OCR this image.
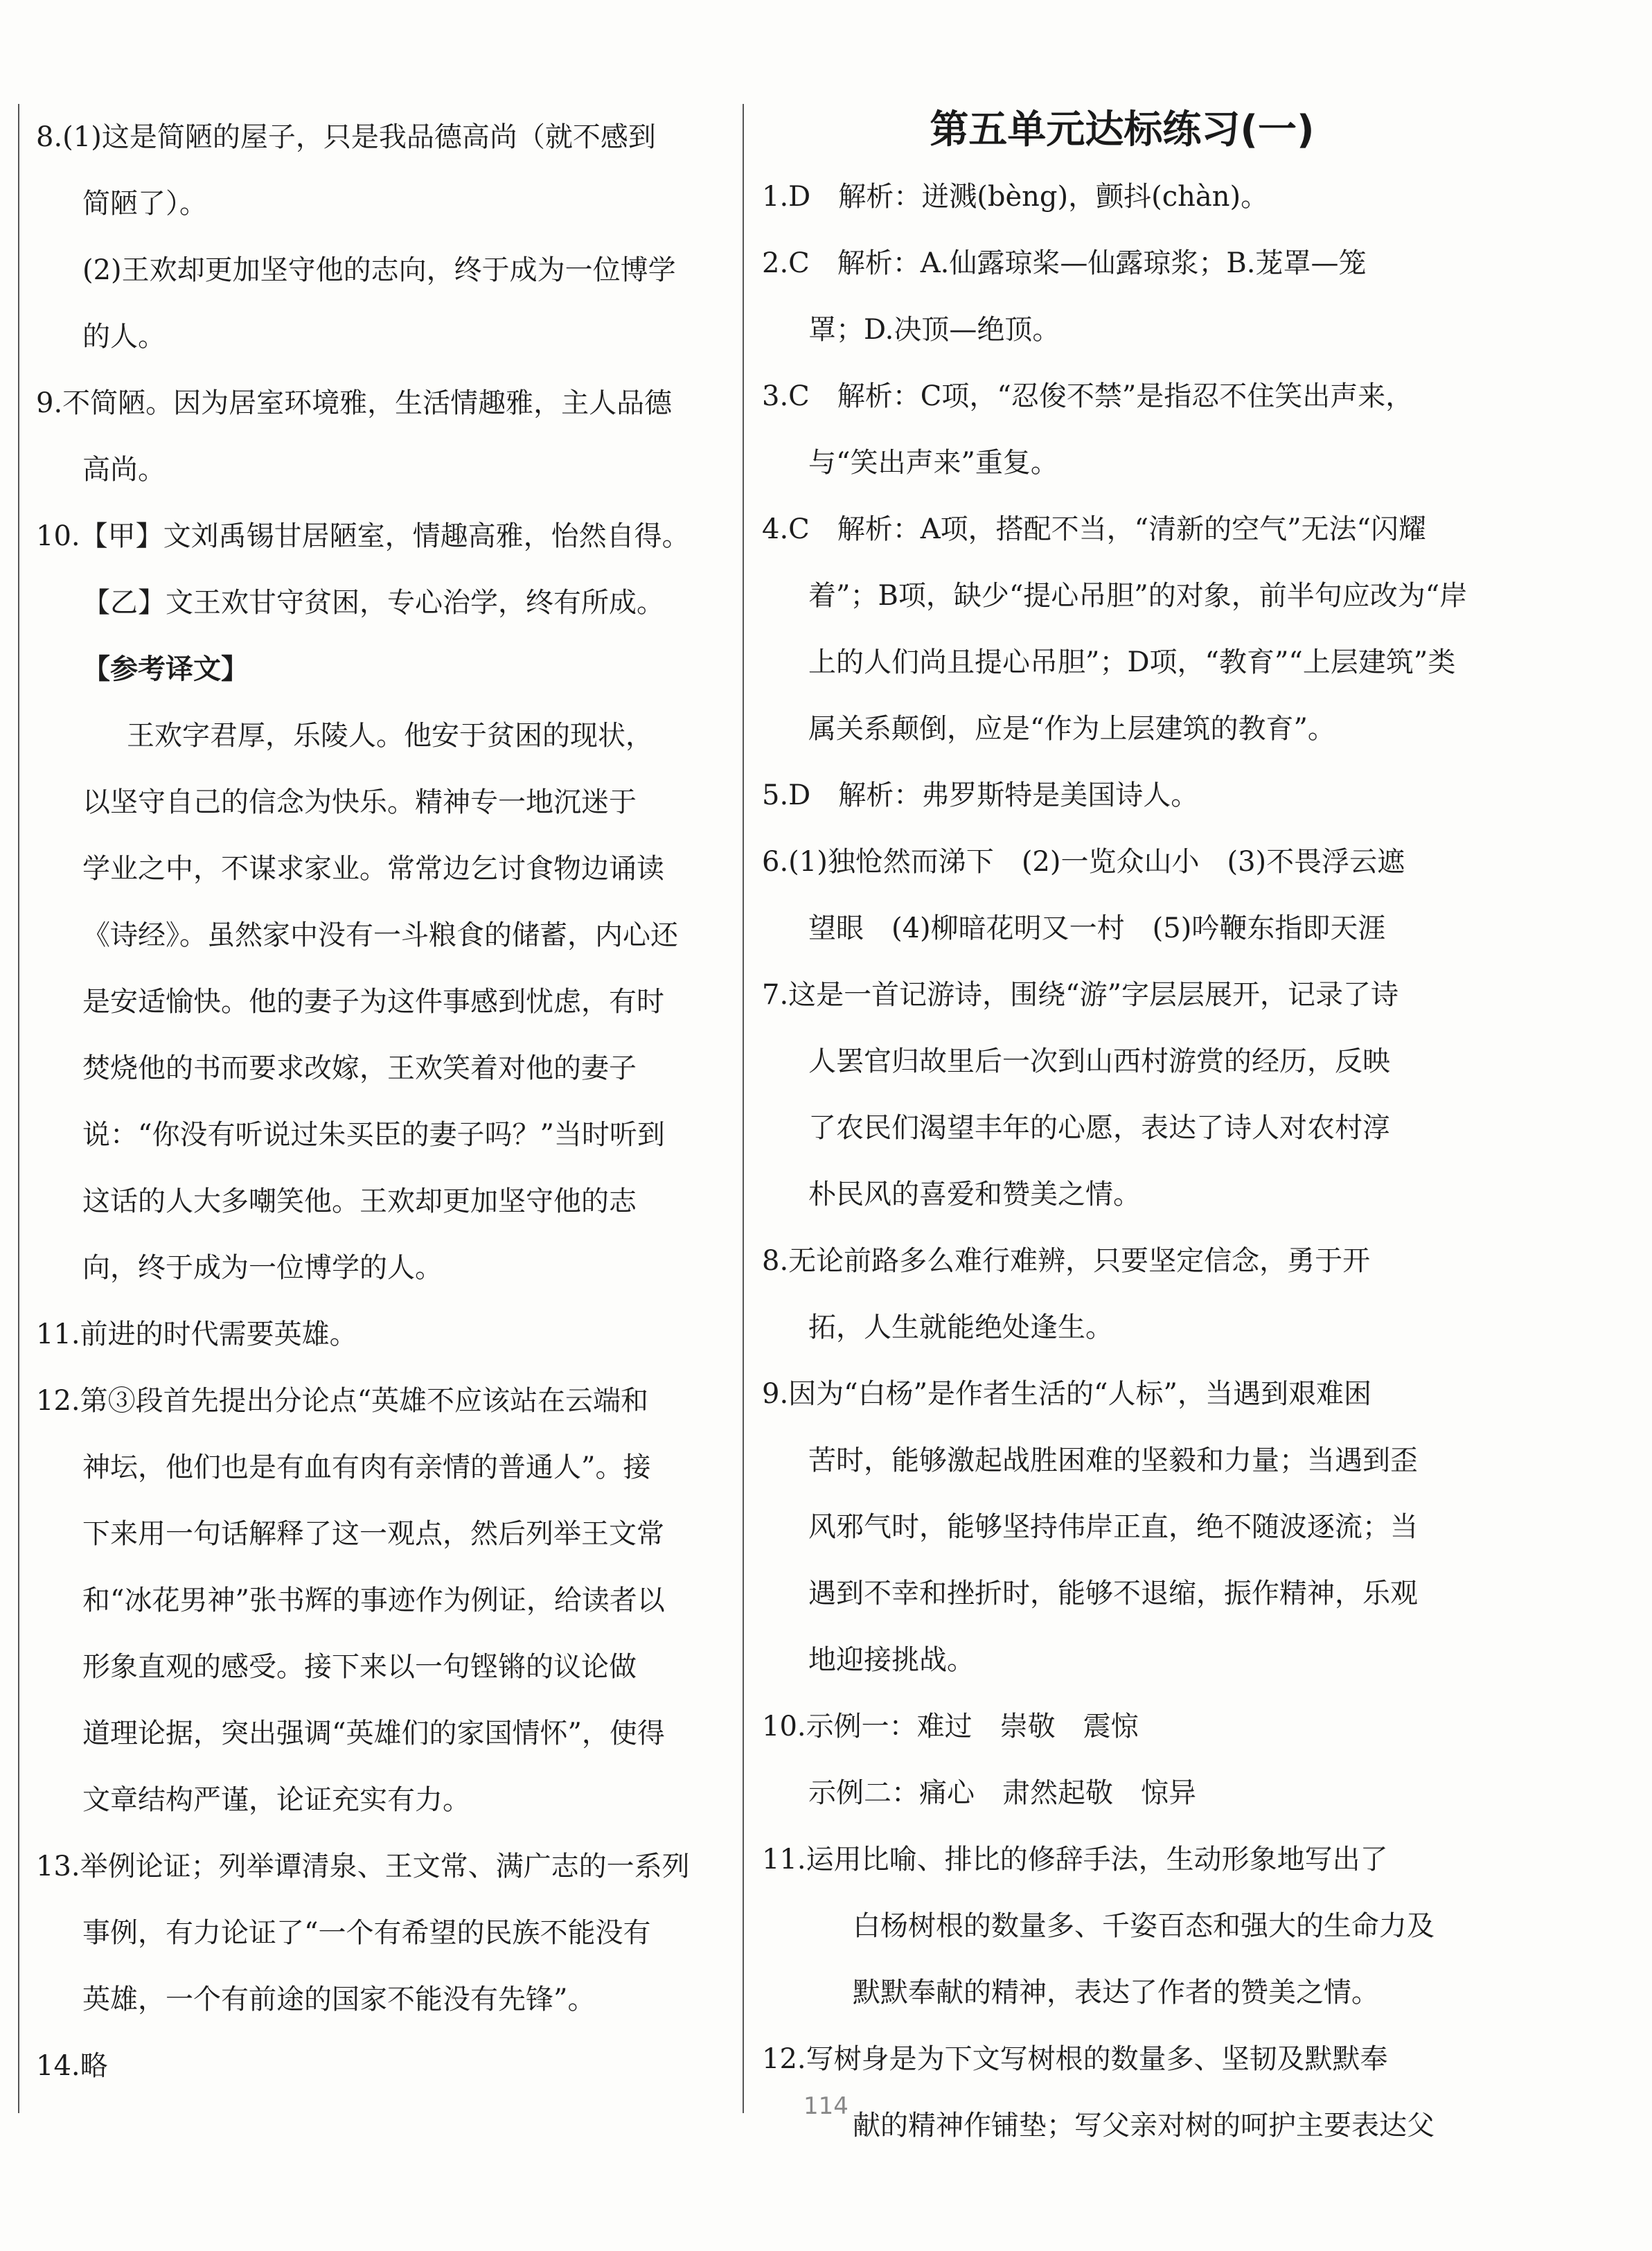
8.(1)这是简陋的屋子，只是我品德高尚（就不感到

简陋了）。

(2)王欢却更加坚守他的志向，终于成为一位博学

的人。

9.不简陋。因为居室环境雅，生活情趣雅，主人品德

高尚。

10.【甲】文刘禹锡甘居陋室，情趣高雅，怡然自得。

【乙】文王欢甘守贫困，专心治学，终有所成。

【参考译文】

王欢字君厚，乐陵人。他安于贫困的现状，

以坚守自己的信念为快乐。精神专一地沉迷于

学业之中，不谋求家业。常常边乞讨食物边诵读

《诗经》。虽然家中没有一斗粮食的储蓄，内心还

是安适愉快。他的妻子为这件事感到忧虑，有时

焚烧他的书而要求改嫁，王欢笑着对他的妻子

说：“你没有听说过朱买臣的妻子吗？”当时听到

这话的人大多嘲笑他。王欢却更加坚守他的志

向，终于成为一位博学的人。

11.前进的时代需要英雄。

12.第③段首先提出分论点“英雄不应该站在云端和

神坛，他们也是有血有肉有亲情的普通人”。接

下来用一句话解释了这一观点，然后列举王文常

和“冰花男神”张书辉的事迹作为例证，给读者以

形象直观的感受。接下来以一句铿锵的议论做

道理论据，突出强调“英雄们的家国情怀”，使得

文章结构严谨，论证充实有力。

13.举例论证；列举谭清泉、王文常、满广志的一系列

事例，有力论证了“一个有希望的民族不能没有

英雄，一个有前途的国家不能没有先锋”。

14.略

第五单元达标练习(一)

1.D　解析：迸溅(bèng)，颤抖(chàn)。

2.C　解析：A.仙露琼桨—仙露琼浆；B.茏罩—笼

罩；D.决顶—绝顶。

3.C　解析：C项，“忍俊不禁”是指忍不住笑出声来，

与“笑出声来”重复。

4.C　解析：A项，搭配不当，“清新的空气”无法“闪耀

着”；B项，缺少“提心吊胆”的对象，前半句应改为“岸

上的人们尚且提心吊胆”；D项，“教育”“上层建筑”类

属关系颠倒，应是“作为上层建筑的教育”。

5.D　解析：弗罗斯特是美国诗人。

6.(1)独怆然而涕下　(2)一览众山小　(3)不畏浮云遮

望眼　(4)柳暗花明又一村　(5)吟鞭东指即天涯

7.这是一首记游诗，围绕“游”字层层展开，记录了诗

人罢官归故里后一次到山西村游赏的经历，反映

了农民们渴望丰年的心愿，表达了诗人对农村淳

朴民风的喜爱和赞美之情。

8.无论前路多么难行难辨，只要坚定信念，勇于开

拓，人生就能绝处逢生。

9.因为“白杨”是作者生活的“人标”，当遇到艰难困

苦时，能够激起战胜困难的坚毅和力量；当遇到歪

风邪气时，能够坚持伟岸正直，绝不随波逐流；当

遇到不幸和挫折时，能够不退缩，振作精神，乐观

地迎接挑战。

10.示例一：难过　崇敬　震惊

示例二：痛心　肃然起敬　惊异

11.运用比喻、排比的修辞手法，生动形象地写出了

白杨树根的数量多、千姿百态和强大的生命力及

默默奉献的精神，表达了作者的赞美之情。

12.写树身是为下文写树根的数量多、坚韧及默默奉

献的精神作铺垫；写父亲对树的呵护主要表达父

114
